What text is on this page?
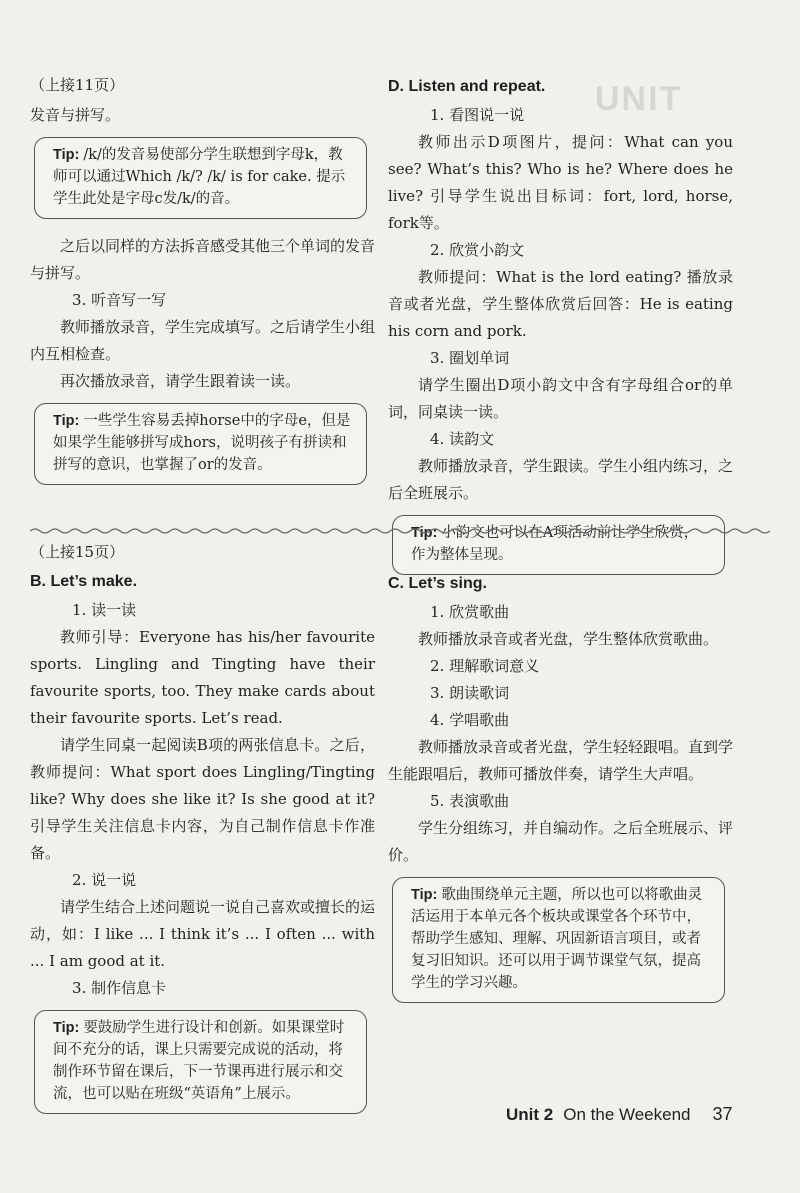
UNIT
（上接11页）

发音与拼写。

Tip: /k/的发音易使部分学生联想到字母k，教师可以通过Which /k/? /k/ is for cake. 提示学生此处是字母c发/k/的音。

之后以同样的方法拆音感受其他三个单词的发音与拼写。

3. 听音写一写

教师播放录音，学生完成填写。之后请学生小组内互相检查。

再次播放录音，请学生跟着读一读。

Tip: 一些学生容易丢掉horse中的字母e，但是如果学生能够拼写成hors，说明孩子有拼读和拼写的意识，也掌握了or的发音。
D. Listen and repeat.

1. 看图说一说

教师出示D项图片，提问：What can you see? What’s this? Who is he? Where does he live? 引导学生说出目标词：fort, lord, horse, fork等。

2. 欣赏小韵文

教师提问：What is the lord eating? 播放录音或者光盘，学生整体欣赏后回答：He is eating his corn and pork.

3. 圈划单词

请学生圈出D项小韵文中含有字母组合or的单词，同桌读一读。

4. 读韵文

教师播放录音，学生跟读。学生小组内练习，之后全班展示。

Tip: 小韵文也可以在A项活动前让学生欣赏，作为整体呈现。
（上接15页）
B. Let’s make.

1. 读一读

教师引导：Everyone has his/her favourite sports. Lingling and Tingting have their favourite sports, too. They make cards about their favourite sports. Let’s read.

请学生同桌一起阅读B项的两张信息卡。之后，教师提问：What sport does Lingling/Tingting like? Why does she like it? Is she good at it? 引导学生关注信息卡内容，为自己制作信息卡作准备。

2. 说一说

请学生结合上述问题说一说自己喜欢或擅长的运动，如：I like ... I think it’s ... I often ... with ... I am good at it.

3. 制作信息卡

Tip: 要鼓励学生进行设计和创新。如果课堂时间不充分的话，课上只需要完成说的活动，将制作环节留在课后，下一节课再进行展示和交流，也可以贴在班级“英语角”上展示。
C. Let’s sing.

1. 欣赏歌曲

教师播放录音或者光盘，学生整体欣赏歌曲。

2. 理解歌词意义

3. 朗读歌词

4. 学唱歌曲

教师播放录音或者光盘，学生轻轻跟唱。直到学生能跟唱后，教师可播放伴奏，请学生大声唱。

5. 表演歌曲

学生分组练习，并自编动作。之后全班展示、评价。

Tip: 歌曲围绕单元主题，所以也可以将歌曲灵活运用于本单元各个板块或课堂各个环节中，帮助学生感知、理解、巩固新语言项目，或者复习旧知识。还可以用于调节课堂气氛，提高学生的学习兴趣。
Unit 2 On the Weekend 37
